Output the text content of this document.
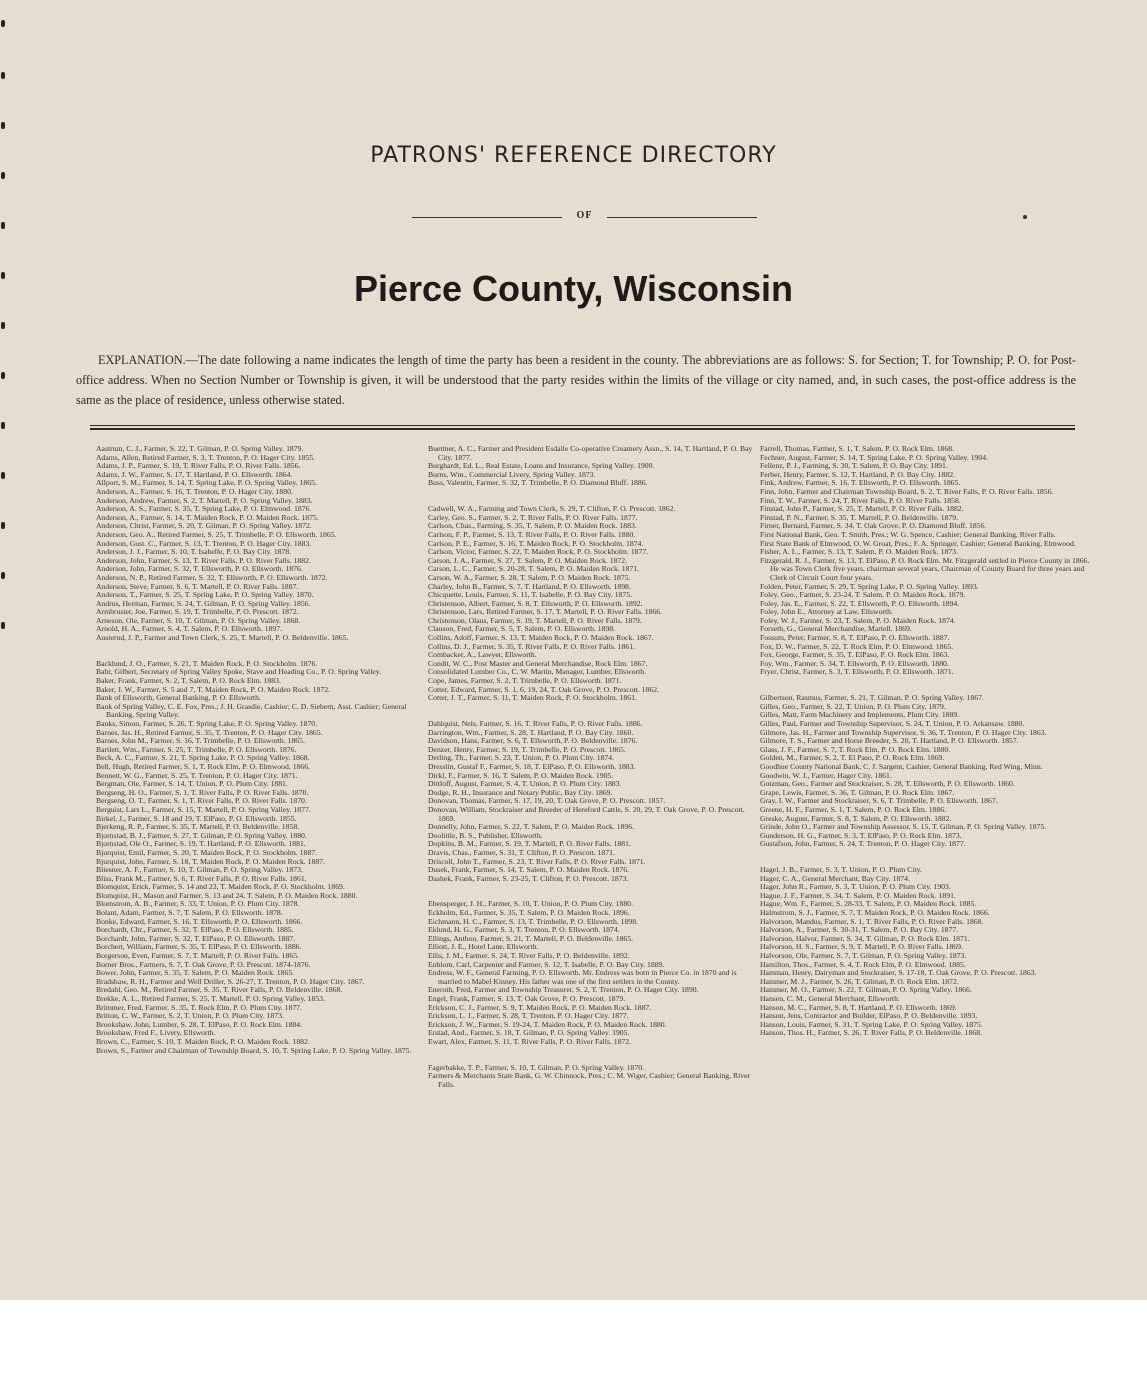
PATRONS' REFERENCE DIRECTORY
OF
Pierce County, Wisconsin
EXPLANATION.—The date following a name indicates the length of time the party has been a resident in the county. The abbreviations are as follows: S. for Section; T. for Township; P. O. for Post-office address. When no Section Number or Township is given, it will be understood that the party resides within the limits of the village or city named, and, in such cases, the post-office address is the same as the place of residence, unless otherwise stated.
Aastrum, C. J., Farmer, S. 22, T. Gilman, P. O. Spring Valley. 1879.
Adams, Allen, Retired Farmer, S. 3, T. Trenton, P. O. Hager City. 1855.
Adams, J. P., Farmer, S. 19, T. River Falls, P. O. River Falls. 1856.
Adams, J. W., Farmer, S. 17, T. Hartland, P. O. Ellsworth. 1864.
Allport, S. M., Farmer, S. 14, T. Spring Lake, P. O. Spring Valley. 1865.
Anderson, A., Farmer, S. 16, T. Trenton, P. O. Hager City. 1880.
Anderson, Andrew, Farmer, S. 2, T. Martell, P. O. Spring Valley. 1883.
Anderson, A. S., Farmer, S. 35, T. Spring Lake, P. O. Elmwood. 1876.
Anderson, A., Farmer, S. 14, T. Maiden Rock, P. O. Maiden Rock. 1875.
Anderson, Christ, Farmer, S. 20, T. Gilman, P. O. Spring Valley. 1872.
Anderson, Geo. A., Retired Farmer, S. 25, T. Trimbelle, P. O. Ellsworth. 1865.
Anderson, Gust. C., Farmer, S. 13, T. Trenton, P. O. Hager City. 1883.
Anderson, J. J., Farmer, S. 10, T. Isabelle, P. O. Bay City. 1878.
Anderson, John, Farmer, S. 13, T. River Falls, P. O. River Falls. 1882.
Anderson, John, Farmer, S. 32, T. Ellsworth, P. O. Ellsworth. 1876.
Anderson, N. P., Retired Farmer, S. 32, T. Ellsworth, P. O. Ellsworth. 1872.
Anderson, Steve, Farmer, S. 6, T. Martell, P. O. River Falls. 1887.
Anderson, T., Farmer, S. 25, T. Spring Lake, P. O. Spring Valley. 1870.
Andrus, Herman, Farmer, S. 24, T. Gilman, P. O. Spring Valley. 1856.
Armbruster, Joe, Farmer, S. 19, T. Trimbelle, P. O. Prescott. 1872.
Arneson, Ole, Farmer, S. 10, T. Gilman, P. O. Spring Valley. 1868.
Arnold, H. A., Farmer, S. 4, T. Salem, P. O. Ellsworth. 1897.
Austerud, J. P., Farmer and Town Clerk, S. 25, T. Martell, P. O. Beldenville. 1865.
Backlund, J. O., Farmer, S. 21, T. Maiden Rock, P. O. Stockholm. 1876.
Bahr, Gilbert, Secretary of Spring Valley Spoke, Stave and Heading Co., P. O. Spring Valley.
Baker, Frank, Farmer, S. 2, T. Salem, P. O. Rock Elm. 1883.
Baker, J. W., Farmer, S. 5 and 7, T. Maiden Rock, P. O. Maiden Rock. 1872.
Bank of Ellsworth, General Banking, P. O. Ellsworth.
Bank of Spring Valley, C. E. Fox, Pres.; J. H. Grasdie, Cashier; C. D. Siebern, Asst. Cashier; General Banking, Spring Valley.
Banks, Simon, Farmer, S. 26, T. Spring Lake, P. O. Spring Valley. 1870.
Barnes, Jas. H., Retired Farmer, S. 35, T. Trenton, P. O. Hager City. 1865.
Barnes, John M., Farmer, S. 16, T. Trimbelle, P. O. Ellsworth. 1865.
Bartlett, Wm., Farmer, S. 25, T. Trimbelle, P. O. Ellsworth. 1876.
Beck, A. C., Farmer, S. 21, T. Spring Lake, P. O. Spring Valley. 1868.
Bell, Hugh, Retired Farmer, S. 1, T. Rock Elm, P. O. Elmwood. 1866.
Bennett, W. G., Farmer, S. 25, T. Trenton, P. O. Hager City. 1871.
Bergman, Ole, Farmer, S. 14, T. Union, P. O. Plum City. 1881.
Bergseng, H. O., Farmer, S. 1, T. River Falls, P. O. River Falls. 1870.
Bergseng, O. T., Farmer, S. 1, T. River Falls, P. O. River Falls. 1870.
Berguist, Lars L., Farmer, S. 15, T. Martell, P. O. Spring Valley. 1877.
Birkel, J., Farmer, S. 18 and 19, T. ElPaso, P. O. Ellsworth. 1855.
Bjerkeng, R. P., Farmer, S. 35, T. Martell, P. O. Beldenville. 1858.
Bjornstad, B. J., Farmer, S. 27, T. Gilman, P. O. Spring Valley. 1880.
Bjornstad, Ole O., Farmer, S. 19, T. Hartland, P. O. Ellsworth. 1881.
Bjurquist, Emil, Farmer, S. 20, T. Maiden Rock, P. O. Stockholm. 1887.
Bjurquist, John, Farmer, S. 18, T. Maiden Rock, P. O. Maiden Rock. 1887.
Bliesner, A. F., Farmer, S. 10, T. Gilman, P. O. Spring Valley. 1873.
Bliss, Frank M., Farmer, S. 6, T. River Falls, P. O. River Falls. 1861.
Blomquist, Erick, Farmer, S. 14 and 23, T. Maiden Rock, P. O. Stockholm. 1869.
Blomquist, H., Mason and Farmer, S. 13 and 24, T. Salem, P. O. Maiden Rock. 1880.
Blomstrom, A. B., Farmer, S. 33, T. Union, P. O. Plum City. 1878.
Bolant, Adam, Farmer, S. 7, T. Salem, P. O. Ellsworth. 1878.
Bonke, Edward, Farmer, S. 16, T. Ellsworth, P. O. Ellsworth. 1866.
Borchardt, Chr., Farmer, S. 32, T. ElPaso, P. O. Ellsworth. 1885.
Borchardt, John, Farmer, S. 32, T. ElPaso, P. O. Ellsworth. 1887.
Borchert, William, Farmer, S. 35, T. ElPaso, P. O. Ellsworth. 1886.
Borgerson, Even, Farmer, S. 7, T. Martell, P. O. River Falls. 1865.
Borner Bros., Farmers, S. 7, T. Oak Grove, P. O. Prescott. 1874-1876.
Bower, John, Farmer, S. 35, T. Salem, P. O. Maiden Rock. 1865.
Bradshaw, R. H., Farmer and Well Driller, S. 26-27, T. Trenton, P. O. Hager City. 1867.
Bredahl, Geo. M., Retired Farmer, S. 35, T. River Falls, P. O. Beldenville. 1868.
Brekke, A. L., Retired Farmer, S. 25, T. Martell, P. O. Spring Valley. 1853.
Brimmer, Fred, Farmer, S. 35, T. Rock Elm, P. O. Plum City. 1877.
Britton, C. W., Farmer, S. 2, T. Union, P. O. Plum City. 1873.
Brookshaw, John, Lumber, S. 28, T. ElPaso, P. O. Rock Elm. 1884.
Brookshaw, Fred F., Livery, Ellsworth.
Brown, C., Farmer, S. 10, T. Maiden Rock, P. O. Maiden Rock. 1882.
Brown, S., Farmer and Chairman of Township Board, S. 10, T. Spring Lake, P. O. Spring Valley. 1875.
Buettner, A. C., Farmer and President Esdaile Co-operative Creamery Assn., S. 14, T. Hartland, P. O. Bay City. 1877.
Burghardt, Ed. L., Real Estate, Loans and Insurance, Spring Valley. 1900.
Burns, Wm., Commercial Livery, Spring Valley. 1873.
Buss, Valentin, Farmer, S. 32, T. Trimbelle, P. O. Diamond Bluff. 1886.
Cadwell, W. A., Farming and Town Clerk, S. 29, T. Clifton, P. O. Prescott. 1862.
Carley, Geo. S., Farmer, S. 2, T. River Falls, P. O. River Falls. 1877.
Carlson, Chas., Farming, S. 35, T. Salem, P. O. Maiden Rock. 1883.
Carlson, F. P., Farmer, S. 13, T. River Falls, P. O. River Falls. 1880.
Carlson, P. E., Farmer, S. 16, T. Maiden Rock, P. O. Stockholm. 1874.
Carlson, Victor, Farmer, S. 22, T. Maiden Rock, P. O. Stockholm. 1877.
Carson, J. A., Farmer, S. 27, T. Salem, P. O. Maiden Rock. 1872.
Carson, L. C., Farmer, S. 20-28, T. Salem, P. O. Maiden Rock. 1871.
Carson, W. A., Farmer, S. 28, T. Salem, P. O. Maiden Rock. 1875.
Charley, John B., Farmer, S. 7, T. Hartland, P. O. Ellsworth. 1898.
Chicquette, Louis, Farmer, S. 11, T. Isabelle, P. O. Bay City. 1875.
Christenson, Albert, Farmer, S. 8, T. Ellsworth, P. O. Ellsworth. 1892.
Christenson, Lars, Retired Farmer, S. 17, T. Martell, P. O. River Falls. 1866.
Christenson, Olaus, Farmer, S. 19, T. Martell, P. O. River Falls. 1879.
Clauson, Fred, Farmer, S. 5, T. Salem, P. O. Ellsworth. 1898.
Collins, Adolf, Farmer, S. 13, T. Maiden Rock, P. O. Maiden Rock. 1867.
Collins, D. J., Farmer, S. 35, T. River Falls, P. O. River Falls. 1861.
Combacker, A., Lawyer, Ellsworth.
Condit, W. C., Post Master and General Merchandise, Rock Elm. 1867.
Consolidated Lumber Co., C. W. Martin, Manager, Lumber, Ellsworth.
Cope, James, Farmer, S. 2, T. Trimbelle, P. O. Ellsworth. 1871.
Cotter, Edward, Farmer, S. 1, 6, 19, 24, T. Oak Grove, P. O. Prescott. 1862.
Cotter, J. T., Farmer, S. 11, T. Maiden Rock, P. O. Stockholm. 1861.
Dahlquist, Nels, Farmer, S. 16, T. River Falls, P. O. River Falls. 1886.
Darrington, Wm., Farmer, S. 28, T. Hartland, P. O. Bay City. 1860.
Davidson, Hans, Farmer, S. 6, T. Ellsworth, P. O. Beldenville. 1876.
Denzer, Henry, Farmer, S. 19, T. Trimbelle, P. O. Prescott. 1865.
Detling, Th., Farmer, S. 23, T. Union, P. O. Plum City. 1874.
Dresslin, Gustaf F., Farmer, S. 18, T. ElPaso, P. O. Ellsworth. 1883.
Dirkl, F., Farmer, S. 16, T. Salem, P. O. Maiden Rock. 1905.
Dittloff, August, Farmer, S. 4, T. Union, P. O. Plum City. 1883.
Dodge, R. H., Insurance and Notary Public, Bay City. 1869.
Donovan, Thomas, Farmer, S. 17, 19, 20, T. Oak Grove, P. O. Prescott. 1857.
Donovan, William, Stockraiser and Breeder of Hereford Cattle, S. 20, 29, T. Oak Grove, P. O. Prescott. 1869.
Donnelly, John, Farmer, S. 22, T. Salem, P. O. Maiden Rock. 1896.
Doolittle, B. S., Publisher, Ellsworth.
Dopkins, B. M., Farmer, S. 19, T. Martell, P. O. River Falls. 1881.
Dravis, Chas., Farmer, S. 31, T. Clifton, P. O. Prescott. 1871.
Driscoll, John T., Farmer, S. 23, T. River Falls, P. O. River Falls. 1871.
Dusek, Frank, Farmer, S. 14, T. Salem, P. O. Maiden Rock. 1876.
Dashek, Frank, Farmer, S. 23-25, T. Clifton, P. O. Prescott. 1873.
Ebensperger, J. H., Farmer, S. 10, T. Union, P. O. Plum City. 1880.
Eckholm, Ed., Farmer, S. 35, T. Salem, P. O. Maiden Rock. 1896.
Eichmann, H. C., Farmer, S. 13, T. Trimbelle, P. O. Ellsworth. 1898.
Eklund, H. G., Farmer, S. 3, T. Trenton, P. O. Ellsworth. 1874.
Ellings, Anthon, Farmer, S. 21, T. Martell, P. O. Beldenville. 1865.
Elliott, J. E., Hotel Lane, Ellsworth.
Ellis, J. M., Farmer, S. 24, T. River Falls, P. O. Beldenville. 1892.
Enblom, Carl, Carpenter and Farmer, S. 12, T. Isabelle, P. O. Bay City. 1889.
Endress, W. F., General Farming, P. O. Ellsworth. Mr. Endress was born in Pierce Co. in 1870 and is married to Mabel Kinney. His father was one of the first settlers in the County.
Eneroth, Fred, Farmer and Township Treasurer, S. 2, T. Trenton, P. O. Hager City. 1890.
Engel, Frank, Farmer, S. 13, T. Oak Grove, P. O. Prescott. 1879.
Erickson, C. J., Farmer, S. 9, T. Maiden Rock, P. O. Maiden Rock. 1887.
Erickson, L. J., Farmer, S. 28, T. Trenton, P. O. Hager City. 1877.
Erickson, J. W., Farmer, S. 19-24, T. Maiden Rock, P. O. Maiden Rock. 1880.
Erstad, And., Farmer, S. 18, T. Gilman, P. O. Spring Valley. 1905.
Ewart, Alex, Farmer, S. 11, T. River Falls, P. O. River Falls. 1872.
Fagerbakke, T. P., Farmer, S. 10, T. Gilman, P. O. Spring Valley. 1870.
Farmers & Merchants State Bank, G. W. Chinnock, Pres.; C. M. Wiger, Cashier; General Banking, River Falls.
Farrell, Thomas, Farmer, S. 1, T. Salem, P. O. Rock Elm. 1868.
Fechner, August, Farmer, S. 14, T. Spring Lake, P. O. Spring Valley. 1904.
Fellenz, P. J., Farming, S. 30, T. Salem, P. O. Bay City. 1891.
Ferber, Henry, Farmer, S. 12, T. Hartland, P. O. Bay City. 1882.
Fink, Andrew, Farmer, S. 16, T. Ellsworth, P. O. Ellsworth. 1865.
Finn, John, Farmer and Chairman Township Board, S. 2, T. River Falls, P. O. River Falls. 1856.
Finn, T. W., Farmer, S. 24, T. River Falls, P. O. River Falls. 1858.
Finstad, John P., Farmer, S. 25, T. Martell, P. O. River Falls. 1882.
Finstad, P. N., Farmer, S. 35, T. Martell, P. O. Beldenville. 1879.
Firner, Bernard, Farmer, S. 34, T. Oak Grove, P. O. Diamond Bluff. 1856.
First National Bank, Geo. T. Smith, Pres.; W. G. Spence, Cashier; General Banking, River Falls.
First State Bank of Elmwood, O. W. Groat, Pres.; F. A. Springer, Cashier; General Banking, Elmwood.
Fisher, A. L., Farmer, S. 13, T. Salem, P. O. Maiden Rock. 1873.
Fitzgerald, R. J., Farmer, S. 13, T. ElPaso, P. O. Rock Elm. Mr. Fitzgerald settled in Pierce County in 1866. He was Town Clerk five years, chairman several years, Chairman of County Board for three years and Clerk of Circuit Court four years.
Folden, Peter, Farmer, S. 29, T. Spring Lake, P. O. Spring Valley. 1893.
Foley, Geo., Farmer, S. 23-24, T. Salem, P. O. Maiden Rock. 1879.
Foley, Jas. E., Farmer, S. 22, T. Ellsworth, P. O. Ellsworth. 1894.
Foley, John E., Attorney at Law, Ellsworth.
Foley, W. J., Farmer, S. 23, T. Salem, P. O. Maiden Rock. 1874.
Forseth, G., General Merchandise, Martell. 1869.
Fossum, Peter, Farmer, S. 8, T. ElPaso, P. O. Ellsworth. 1887.
Fox, D. W., Farmer, S. 22, T. Rock Elm, P. O. Elmwood. 1865.
Fox, George, Farmer, S. 35, T. ElPaso, P. O. Rock Elm. 1863.
Foy, Wm., Farmer, S. 34, T. Ellsworth, P. O. Ellsworth. 1880.
Fryer, Christ, Farmer, S. 3, T. Ellsworth, P. O. Ellsworth. 1871.
Gilbertson, Rasmus, Farmer, S. 21, T. Gilman, P. O. Spring Valley. 1867.
Gilles, Geo., Farmer, S. 22, T. Union, P. O. Plum City. 1879.
Gilles, Matt, Farm Machinery and Implements, Plum City. 1889.
Gilles, Paul, Farmer and Township Supervisor, S. 24, T. Union, P. O. Arkansaw. 1880.
Gilmore, Jas. H., Farmer and Township Supervisor, S. 36, T. Trenton, P. O. Hager City. 1863.
Gilmore, T. S., Farmer and Horse Breeder, S. 20, T. Hartland, P. O. Ellsworth. 1857.
Glass, J. F., Farmer, S. 7, T. Rock Elm, P. O. Rock Elm. 1880.
Golden, M., Farmer, S. 2, T. El Paso, P. O. Rock Elm. 1869.
Goodhue County National Bank, C. J. Sargent, Cashier, General Banking, Red Wing, Minn.
Goodwin, W. J., Farmer, Hager City. 1861.
Gotzman, Geo., Farmer and Stockraiser, S. 28, T. Ellsworth, P. O. Ellsworth. 1860.
Grape, Lewis, Farmer, S. 36, T. Gilman, P. O. Rock Elm. 1867.
Gray, I. W., Farmer and Stockraiser, S. 6, T. Trimbelle, P. O. Ellsworth. 1867.
Greene, H. F., Farmer, S. 1, T. Salem, P. O. Rock Elm. 1886.
Greske, August, Farmer, S. 8, T. Salem, P. O. Ellsworth. 1882.
Grinde, John O., Farmer and Township Assessor, S. 15, T. Gilman, P. O. Spring Valley. 1875.
Gunderson, H. G., Farmer, S. 3, T. ElPaso, P. O. Rock Elm. 1873.
Gustafson, John, Farmer, S. 24, T. Trenton, P. O. Hager City. 1877.
Hagel, J. B., Farmer, S. 3, T. Union, P. O. Plum City.
Hager, C. A., General Merchant, Bay City. 1874.
Hager, John R., Farmer, S. 3, T. Union, P. O. Plum City. 1903.
Hague, J. F., Farmer, S. 34, T. Salem, P. O. Maiden Rock. 1891.
Hague, Wm. F., Farmer, S. 28-33, T. Salem, P. O. Maiden Rock. 1885.
Halmstrom, S. J., Farmer, S. 7, T. Maiden Rock, P. O. Maiden Rock. 1866.
Halvorson, Mandus, Farmer, S. 1, T. River Falls, P. O. River Falls. 1868.
Halvorson, A., Farmer, S. 30-31, T. Salem, P. O. Bay City. 1877.
Halvorson, Halvor, Farmer, S. 34, T. Gilman, P. O. Rock Elm. 1871.
Halvorson, H. S., Farmer, S. 9, T. Martell, P. O. River Falls. 1869.
Halvorson, Ole, Farmer, S. 7, T. Gilman, P. O. Spring Valley. 1873.
Hamilton, Thos., Farmer, S. 4, T. Rock Elm, P. O. Elmwood. 1885.
Hamman, Henry, Dairyman and Stockraiser, S. 17-18, T. Oak Grove, P. O. Prescott. 1863.
Hammer, M. J., Farmer, S. 26, T. Gilman, P. O. Rock Elm. 1872.
Hammer, M. O., Farmer, S. 22, T. Gilman, P. O. Spring Valley. 1866.
Hansen, C. M., General Merchant, Ellsworth.
Hanson, M. C., Farmer, S. 8, T. Hartland, P. O. Ellsworth. 1869.
Hanson, Jens, Contractor and Builder, ElPaso, P. O. Beldenville. 1893.
Hanson, Louis, Farmer, S. 31, T. Spring Lake, P. O. Spring Valley. 1875.
Hanson, Thos. H., Farmer, S. 26, T. River Falls, P. O. Beldenville. 1868.
